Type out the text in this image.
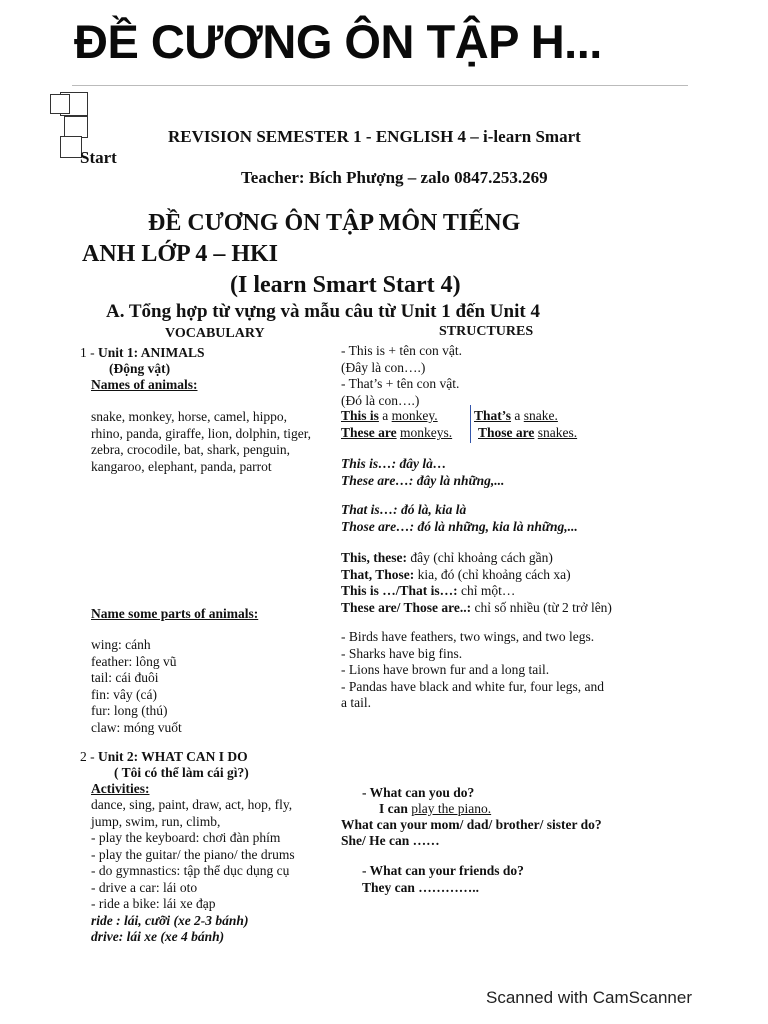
ĐỀ CƯƠNG ÔN TẬP H...
REVISION SEMESTER 1 - ENGLISH 4 – i-learn Smart
Start
Teacher: Bích Phượng – zalo 0847.253.269
ĐỀ CƯƠNG ÔN TẬP MÔN TIẾNG
ANH LỚP 4 – HKI
(I learn Smart Start 4)
A. Tổng hợp từ vựng và mẫu câu từ Unit 1 đến Unit 4
VOCABULARY	STRUCTURES
1 - Unit 1: ANIMALS
(Động vật)
Names of animals:
snake, monkey, horse, camel, hippo,
rhino, panda, giraffe, lion, dolphin, tiger,
zebra, crocodile, bat, shark, penguin,
kangaroo, elephant, panda, parrot
Name some parts of animals:
wing: cánh
feather: lông vũ
tail: cái đuôi
fin: vây (cá)
fur: long (thú)
claw: móng vuốt
- This is + tên con vật.
(Đây là con….)
- That’s + tên con vật.
(Đó là con….)
This is a monkey.
These are monkeys.
That’s a snake.
Those are snakes.
This is…: đây là…
These are…: đây là những,...
That is…: đó là, kia là
Those are…: đó là những, kia là những,...
This, these: đây (chỉ khoảng cách gần)
That, Those: kia, đó (chỉ khoảng cách xa)
This is …/That is…: chỉ một…
These are/ Those are..: chỉ số nhiều (từ 2 trở lên)
- Birds have feathers, two wings, and two legs.
- Sharks have big fins.
- Lions have brown fur and a long tail.
- Pandas have black and white fur, four legs, and
a tail.
2 - Unit 2: WHAT CAN I DO
( Tôi có thể làm cái gì?)
Activities:
dance, sing, paint, draw, act, hop, fly,
jump, swim, run, climb,
- play the keyboard: chơi đàn phím
- play the guitar/ the piano/ the drums
- do gymnastics: tập thể dục dụng cụ
- drive a car: lái oto
- ride a bike: lái xe đạp
ride : lái, cưỡi (xe 2-3 bánh)
drive: lái xe (xe 4 bánh)
- What can you do?
I can play the piano.
What can your mom/ dad/ brother/ sister do?
She/ He can ……
- What can your friends do?
They can …………..
Scanned with CamScanner
